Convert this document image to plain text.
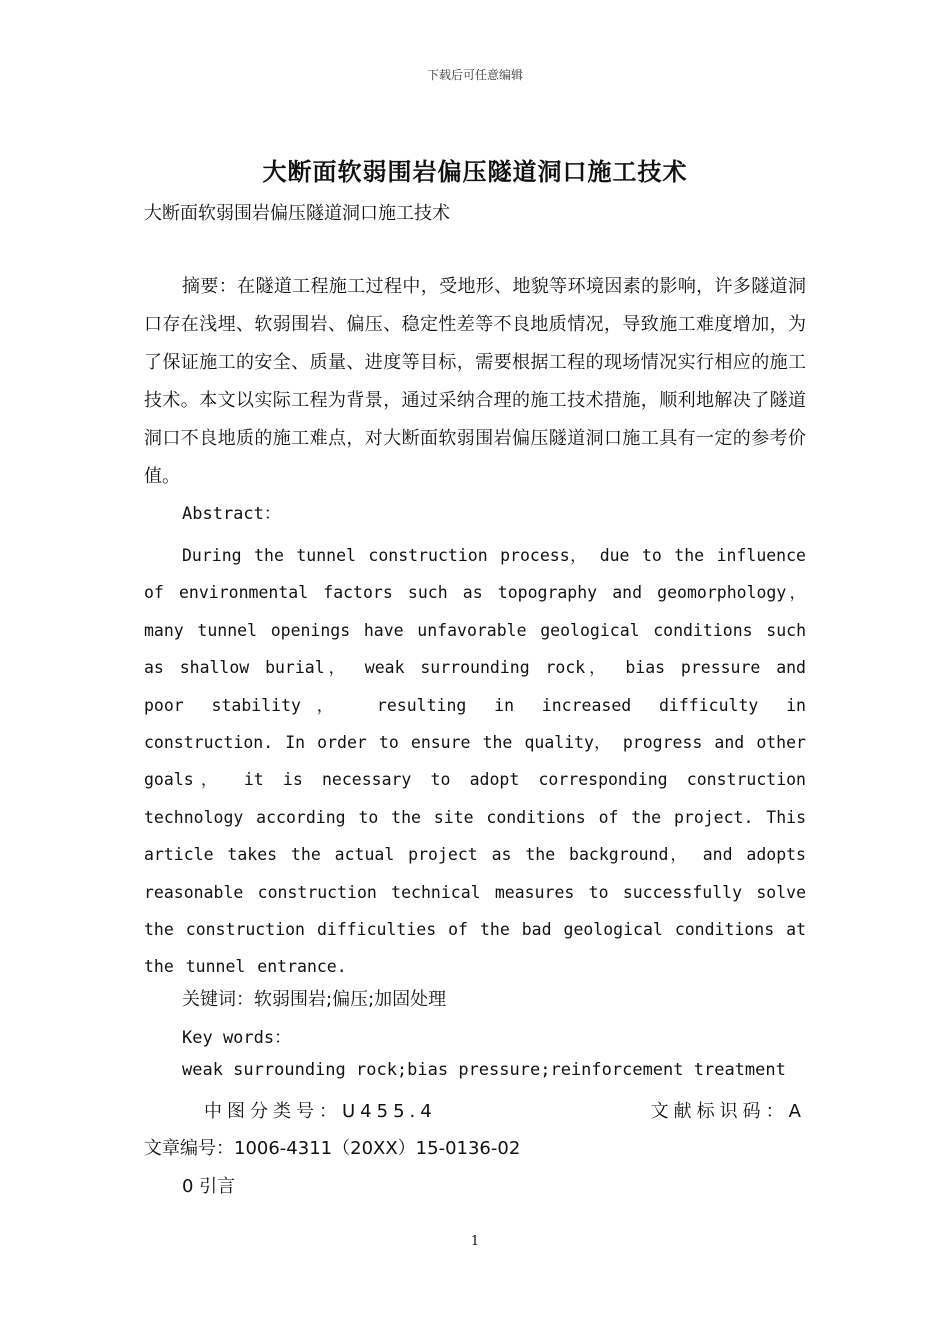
下载后可任意编辑
大断面软弱围岩偏压隧道洞口施工技术
大断面软弱围岩偏压隧道洞口施工技术

摘要：在隧道工程施工过程中，受地形、地貌等环境因素的影响，许多隧道洞口存在浅埋、软弱围岩、偏压、稳定性差等不良地质情况，导致施工难度增加，为了保证施工的安全、质量、进度等目标，需要根据工程的现场情况实行相应的施工技术。本文以实际工程为背景，通过采纳合理的施工技术措施，顺利地解决了隧道洞口不良地质的施工难点，对大断面软弱围岩偏压隧道洞口施工具有一定的参考价值。

Abstract：

During the tunnel construction process， due to the influence of environmental factors such as topography and geomorphology， many tunnel openings have unfavorable geological conditions such as shallow burial， weak surrounding rock， bias pressure and poor stability， resulting in increased difficulty in construction. In order to ensure the quality， progress and other goals， it is necessary to adopt corresponding construction technology according to the site conditions of the project. This article takes the actual project as the background， and adopts reasonable construction technical measures to successfully solve the construction difficulties of the bad geological conditions at the tunnel entrance.

关键词：软弱围岩;偏压;加固处理
Key words：
weak surrounding rock;bias pressure;reinforcement treatment
中图分类号：U455.4	文献标识码：A
文章编号：1006-4311（20XX）15-0136-02
0 引言
1
